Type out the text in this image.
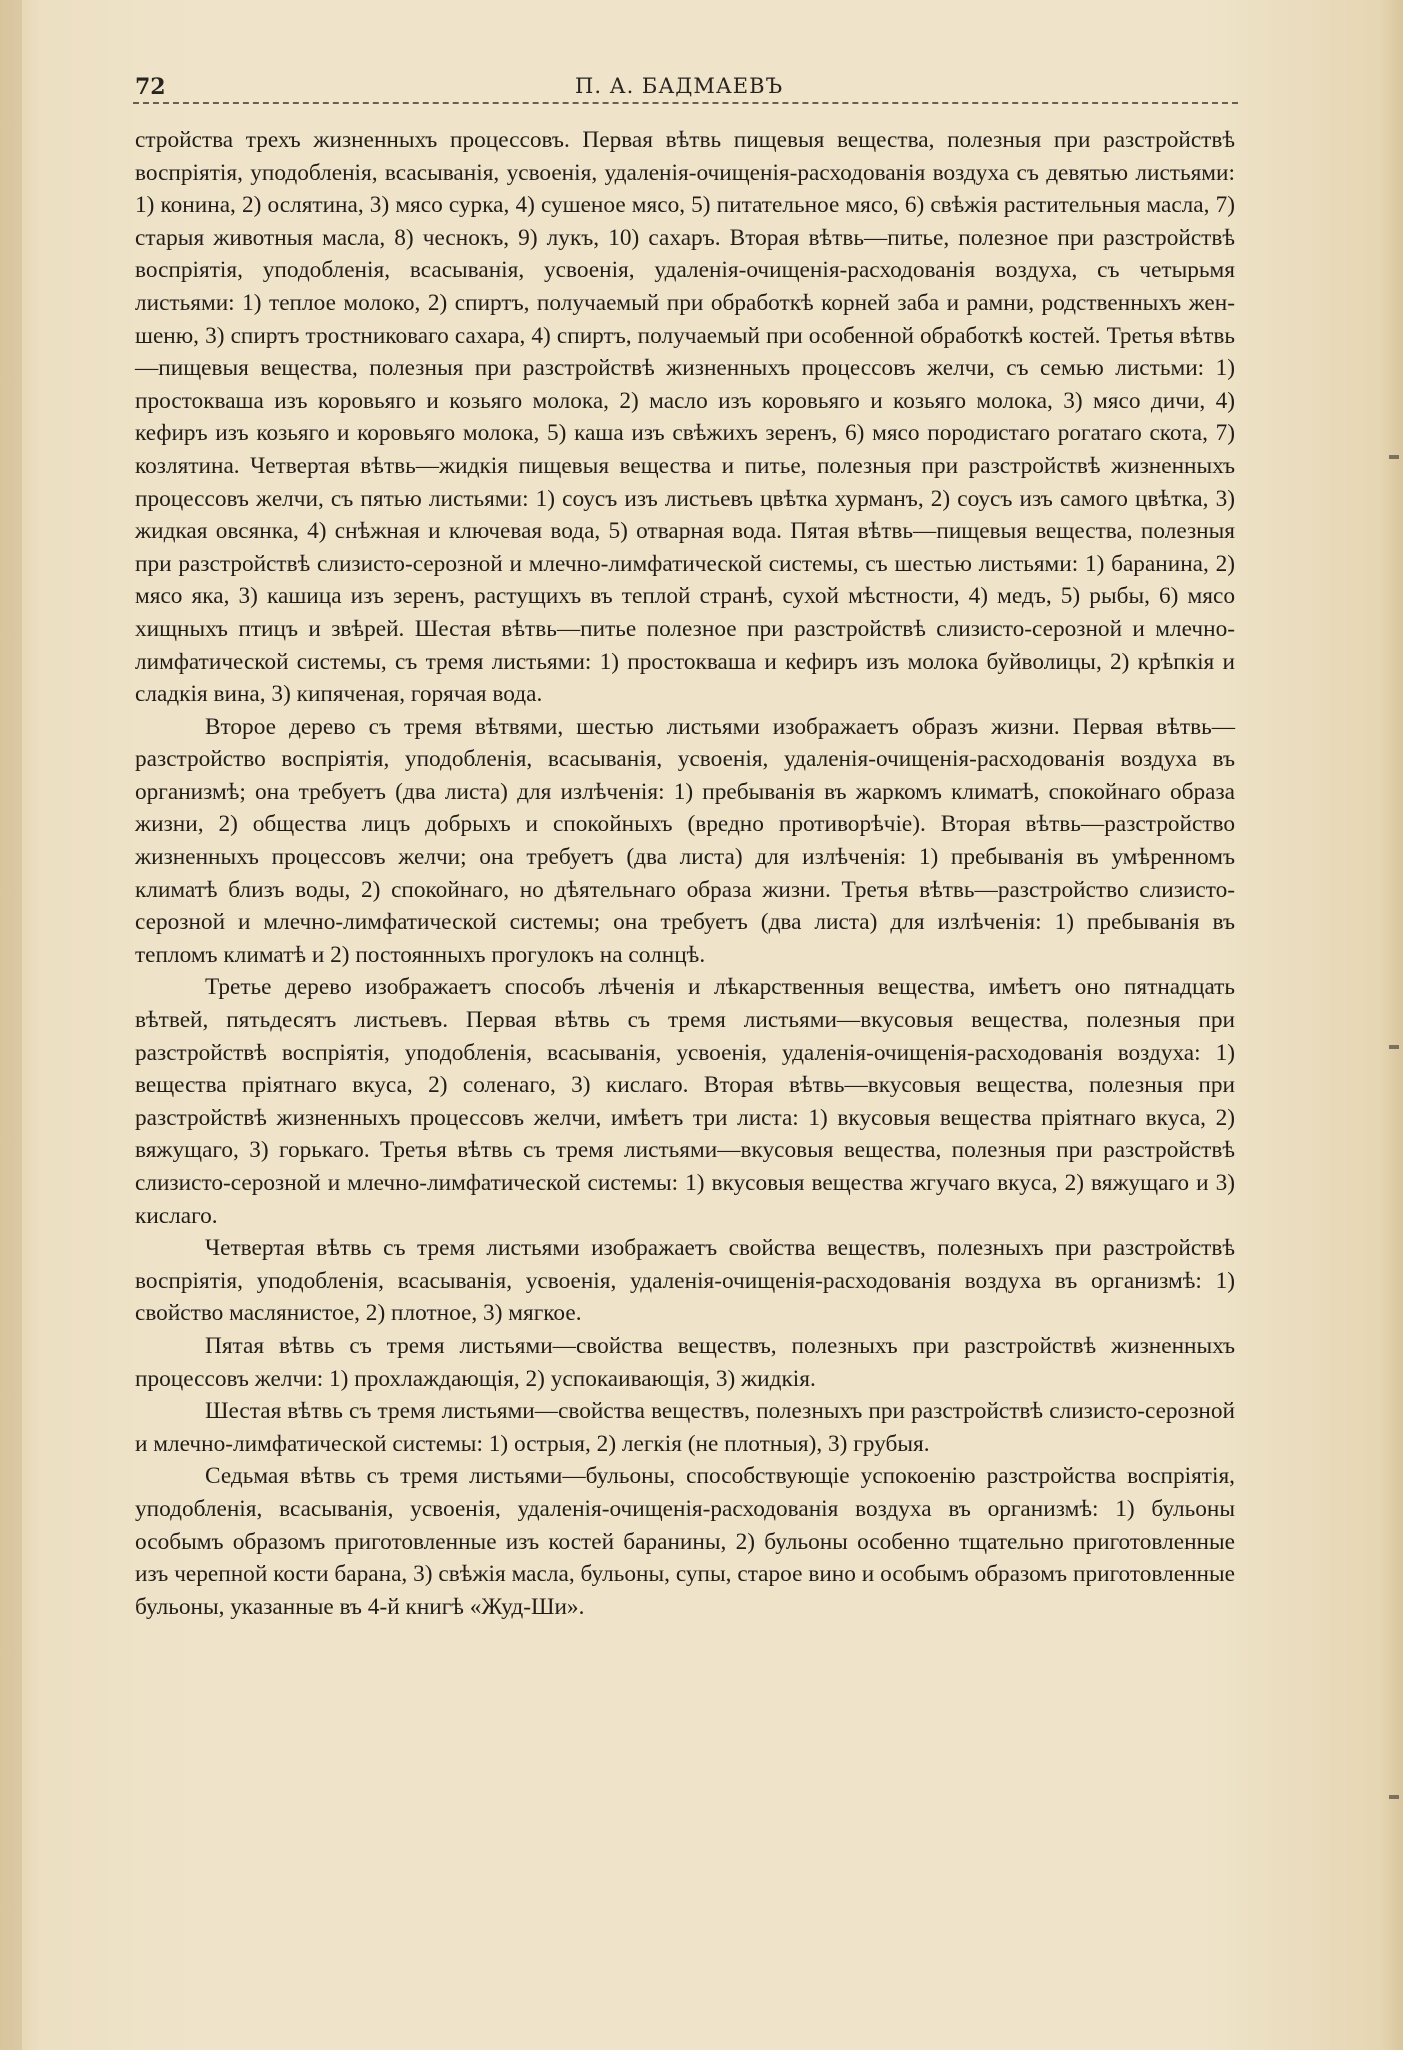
72	П. А. БАДМАЕВЪ

стройства трехъ жизненныхъ процессовъ. Первая вѣтвь пищевыя вещества, полезныя при разстройствѣ воспріятія, уподобленія, всасыванія, усвоенія, удаленія-очищенія-расходованія воздуха съ девятью листьями: 1) конина, 2) ослятина, 3) мясо сурка, 4) сушеное мясо, 5) питательное мясо, 6) свѣжія растительныя масла, 7) старыя животныя масла, 8) чеснокъ, 9) лукъ, 10) сахаръ. Вторая вѣтвь—питье, полезное при разстройствѣ воспріятія, уподобленія, всасыванія, усвоенія, удаленія-очищенія-расходованія воздуха, съ четырьмя листьями: 1) теплое молоко, 2) спиртъ, получаемый при обработкѣ корней заба и рамни, родственныхъ жен-шеню, 3) спиртъ тростниковаго сахара, 4) спиртъ, получаемый при особенной обработкѣ костей. Третья вѣтвь—пищевыя вещества, полезныя при разстройствѣ жизненныхъ процессовъ желчи, съ семью листьми: 1) простокваша изъ коровьяго и козьяго молока, 2) масло изъ коровьяго и козьяго молока, 3) мясо дичи, 4) кефиръ изъ козьяго и коровьяго молока, 5) каша изъ свѣжихъ зеренъ, 6) мясо породистаго рогатаго скота, 7) козлятина. Четвертая вѣтвь—жидкія пищевыя вещества и питье, полезныя при разстройствѣ жизненныхъ процессовъ желчи, съ пятью листьями: 1) соусъ изъ листьевъ цвѣтка хурманъ, 2) соусъ изъ самого цвѣтка, 3) жидкая овсянка, 4) снѣжная и ключевая вода, 5) отварная вода. Пятая вѣтвь—пищевыя вещества, полезныя при разстройствѣ слизисто-серозной и млечно-лимфатической системы, съ шестью листьями: 1) баранина, 2) мясо яка, 3) кашица изъ зеренъ, растущихъ въ теплой странѣ, сухой мѣстности, 4) медъ, 5) рыбы, 6) мясо хищныхъ птицъ и звѣрей. Шестая вѣтвь—питье полезное при разстройствѣ слизисто-серозной и млечно-лимфатической системы, съ тремя листьями: 1) простокваша и кефиръ изъ молока буйволицы, 2) крѣпкія и сладкія вина, 3) кипяченая, горячая вода.

Второе дерево съ тремя вѣтвями, шестью листьями изображаетъ образъ жизни. Первая вѣтвь—разстройство воспріятія, уподобленія, всасыванія, усвоенія, удаленія-очищенія-расходованія воздуха въ организмѣ; она требуетъ (два листа) для излѣченія: 1) пребыванія въ жаркомъ климатѣ, спокойнаго образа жизни, 2) общества лицъ добрыхъ и спокойныхъ (вредно противорѣчіе). Вторая вѣтвь—разстройство жизненныхъ процессовъ желчи; она требуетъ (два листа) для излѣченія: 1) пребыванія въ умѣренномъ климатѣ близъ воды, 2) спокойнаго, но дѣятельнаго образа жизни. Третья вѣтвь—разстройство слизисто-серозной и млечно-лимфатической системы; она требуетъ (два листа) для излѣченія: 1) пребыванія въ тепломъ климатѣ и 2) постоянныхъ прогулокъ на солнцѣ.

Третье дерево изображаетъ способъ лѣченія и лѣкарственныя вещества, имѣетъ оно пятнадцать вѣтвей, пятьдесятъ листьевъ. Первая вѣтвь съ тремя листьями—вкусовыя вещества, полезныя при разстройствѣ воспріятія, уподобленія, всасыванія, усвоенія, удаленія-очищенія-расходованія воздуха: 1) вещества пріятнаго вкуса, 2) соленаго, 3) кислаго. Вторая вѣтвь—вкусовыя вещества, полезныя при разстройствѣ жизненныхъ процессовъ желчи, имѣетъ три листа: 1) вкусовыя вещества пріятнаго вкуса, 2) вяжущаго, 3) горькаго. Третья вѣтвь съ тремя листьями—вкусовыя вещества, полезныя при разстройствѣ слизисто-серозной и млечно-лимфатической системы: 1) вкусовыя вещества жгучаго вкуса, 2) вяжущаго и 3) кислаго.

Четвертая вѣтвь съ тремя листьями изображаетъ свойства веществъ, полезныхъ при разстройствѣ воспріятія, уподобленія, всасыванія, усвоенія, удаленія-очищенія-расходованія воздуха въ организмѣ: 1) свойство маслянистое, 2) плотное, 3) мягкое.

Пятая вѣтвь съ тремя листьями—свойства веществъ, полезныхъ при разстройствѣ жизненныхъ процессовъ желчи: 1) прохлаждающія, 2) успокаивающія, 3) жидкія.

Шестая вѣтвь съ тремя листьями—свойства веществъ, полезныхъ при разстройствѣ слизисто-серозной и млечно-лимфатической системы: 1) острыя, 2) легкія (не плотныя), 3) грубыя.

Седьмая вѣтвь съ тремя листьями—бульоны, способствующіе успокоенію разстройства воспріятія, уподобленія, всасыванія, усвоенія, удаленія-очищенія-расходованія воздуха въ организмѣ: 1) бульоны особымъ образомъ приготовленные изъ костей баранины, 2) бульоны особенно тщательно приготовленные изъ черепной кости барана, 3) свѣжія масла, бульоны, супы, старое вино и особымъ образомъ приготовленные бульоны, указанные въ 4-й книгѣ «Жуд-Ши».
